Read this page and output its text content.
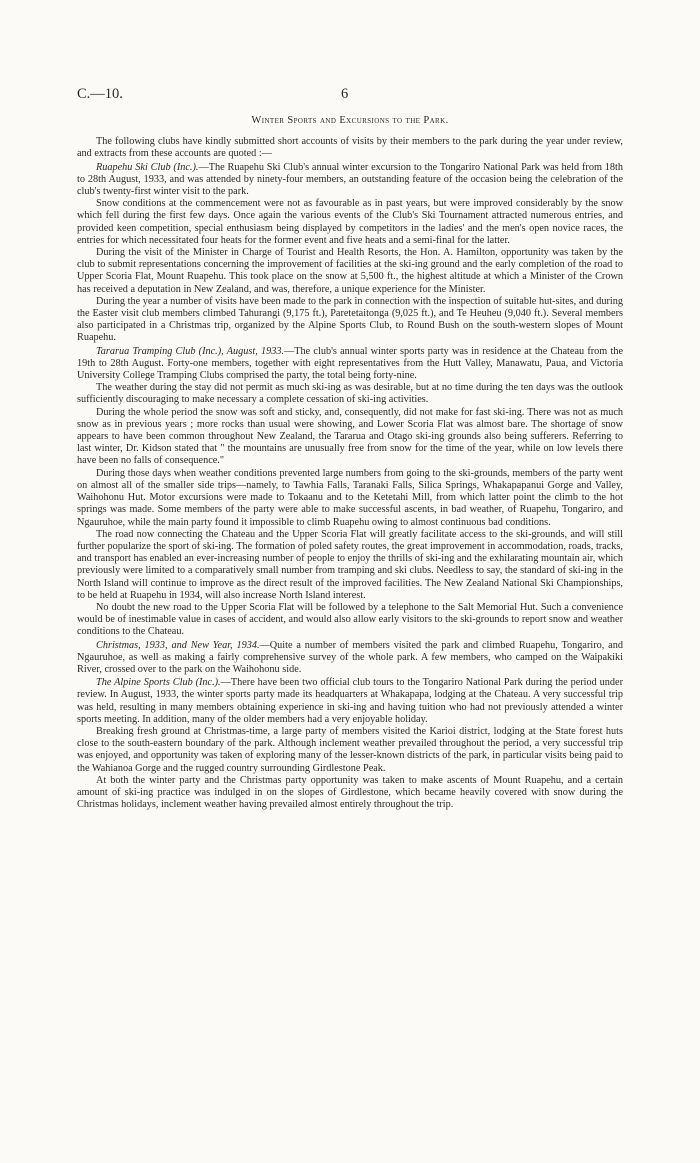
C.—10.	6
Winter Sports and Excursions to the Park.

The following clubs have kindly submitted short accounts of visits by their members to the park during the year under review, and extracts from these accounts are quoted :—

Ruapehu Ski Club (Inc.).—The Ruapehu Ski Club's annual winter excursion to the Tongariro National Park was held from 18th to 28th August, 1933, and was attended by ninety-four members, an outstanding feature of the occasion being the celebration of the club's twenty-first winter visit to the park.

Snow conditions at the commencement were not as favourable as in past years, but were improved considerably by the snow which fell during the first few days. Once again the various events of the Club's Ski Tournament attracted numerous entries, and provided keen competition, special enthusiasm being displayed by competitors in the ladies' and the men's open novice races, the entries for which necessitated four heats for the former event and five heats and a semi-final for the latter.

During the visit of the Minister in Charge of Tourist and Health Resorts, the Hon. A. Hamilton, opportunity was taken by the club to submit representations concerning the improvement of facilities at the ski-ing ground and the early completion of the road to Upper Scoria Flat, Mount Ruapehu. This took place on the snow at 5,500 ft., the highest altitude at which a Minister of the Crown has received a deputation in New Zealand, and was, therefore, a unique experience for the Minister.

During the year a number of visits have been made to the park in connection with the inspection of suitable hut-sites, and during the Easter visit club members climbed Tahurangi (9,175 ft.), Paretetaitonga (9,025 ft.), and Te Heuheu (9,040 ft.). Several members also participated in a Christmas trip, organized by the Alpine Sports Club, to Round Bush on the south-western slopes of Mount Ruapehu.

Tararua Tramping Club (Inc.), August, 1933.—The club's annual winter sports party was in residence at the Chateau from the 19th to 28th August. Forty-one members, together with eight representatives from the Hutt Valley, Manawatu, Paua, and Victoria University College Tramping Clubs comprised the party, the total being forty-nine.

The weather during the stay did not permit as much ski-ing as was desirable, but at no time during the ten days was the outlook sufficiently discouraging to make necessary a complete cessation of ski-ing activities.

During the whole period the snow was soft and sticky, and, consequently, did not make for fast ski-ing. There was not as much snow as in previous years ; more rocks than usual were showing, and Lower Scoria Flat was almost bare. The shortage of snow appears to have been common throughout New Zealand, the Tararua and Otago ski-ing grounds also being sufferers. Referring to last winter, Dr. Kidson stated that " the mountains are unusually free from snow for the time of the year, while on low levels there have been no falls of consequence."

During those days when weather conditions prevented large numbers from going to the ski-grounds, members of the party went on almost all of the smaller side trips—namely, to Tawhia Falls, Taranaki Falls, Silica Springs, Whakapapanui Gorge and Valley, Waihohonu Hut. Motor excursions were made to Tokaanu and to the Ketetahi Mill, from which latter point the climb to the hot springs was made. Some members of the party were able to make successful ascents, in bad weather, of Ruapehu, Tongariro, and Ngauruhoe, while the main party found it impossible to climb Ruapehu owing to almost continuous bad conditions.

The road now connecting the Chateau and the Upper Scoria Flat will greatly facilitate access to the ski-grounds, and will still further popularize the sport of ski-ing. The formation of poled safety routes, the great improvement in accommodation, roads, tracks, and transport has enabled an ever-increasing number of people to enjoy the thrills of ski-ing and the exhilarating mountain air, which previously were limited to a comparatively small number from tramping and ski clubs. Needless to say, the standard of ski-ing in the North Island will continue to improve as the direct result of the improved facilities. The New Zealand National Ski Championships, to be held at Ruapehu in 1934, will also increase North Island interest.

No doubt the new road to the Upper Scoria Flat will be followed by a telephone to the Salt Memorial Hut. Such a convenience would be of inestimable value in cases of accident, and would also allow early visitors to the ski-grounds to report snow and weather conditions to the Chateau.

Christmas, 1933, and New Year, 1934.—Quite a number of members visited the park and climbed Ruapehu, Tongariro, and Ngauruhoe, as well as making a fairly comprehensive survey of the whole park. A few members, who camped on the Waipakiki River, crossed over to the park on the Waihohonu side.

The Alpine Sports Club (Inc.).—There have been two official club tours to the Tongariro National Park during the period under review. In August, 1933, the winter sports party made its headquarters at Whakapapa, lodging at the Chateau. A very successful trip was held, resulting in many members obtaining experience in ski-ing and having tuition who had not previously attended a winter sports meeting. In addition, many of the older members had a very enjoyable holiday.

Breaking fresh ground at Christmas-time, a large party of members visited the Karioi district, lodging at the State forest huts close to the south-eastern boundary of the park. Although inclement weather prevailed throughout the period, a very successful trip was enjoyed, and opportunity was taken of exploring many of the lesser-known districts of the park, in particular visits being paid to the Wahianoa Gorge and the rugged country surrounding Girdlestone Peak.

At both the winter party and the Christmas party opportunity was taken to make ascents of Mount Ruapehu, and a certain amount of ski-ing practice was indulged in on the slopes of Girdlestone, which became heavily covered with snow during the Christmas holidays, inclement weather having prevailed almost entirely throughout the trip.
